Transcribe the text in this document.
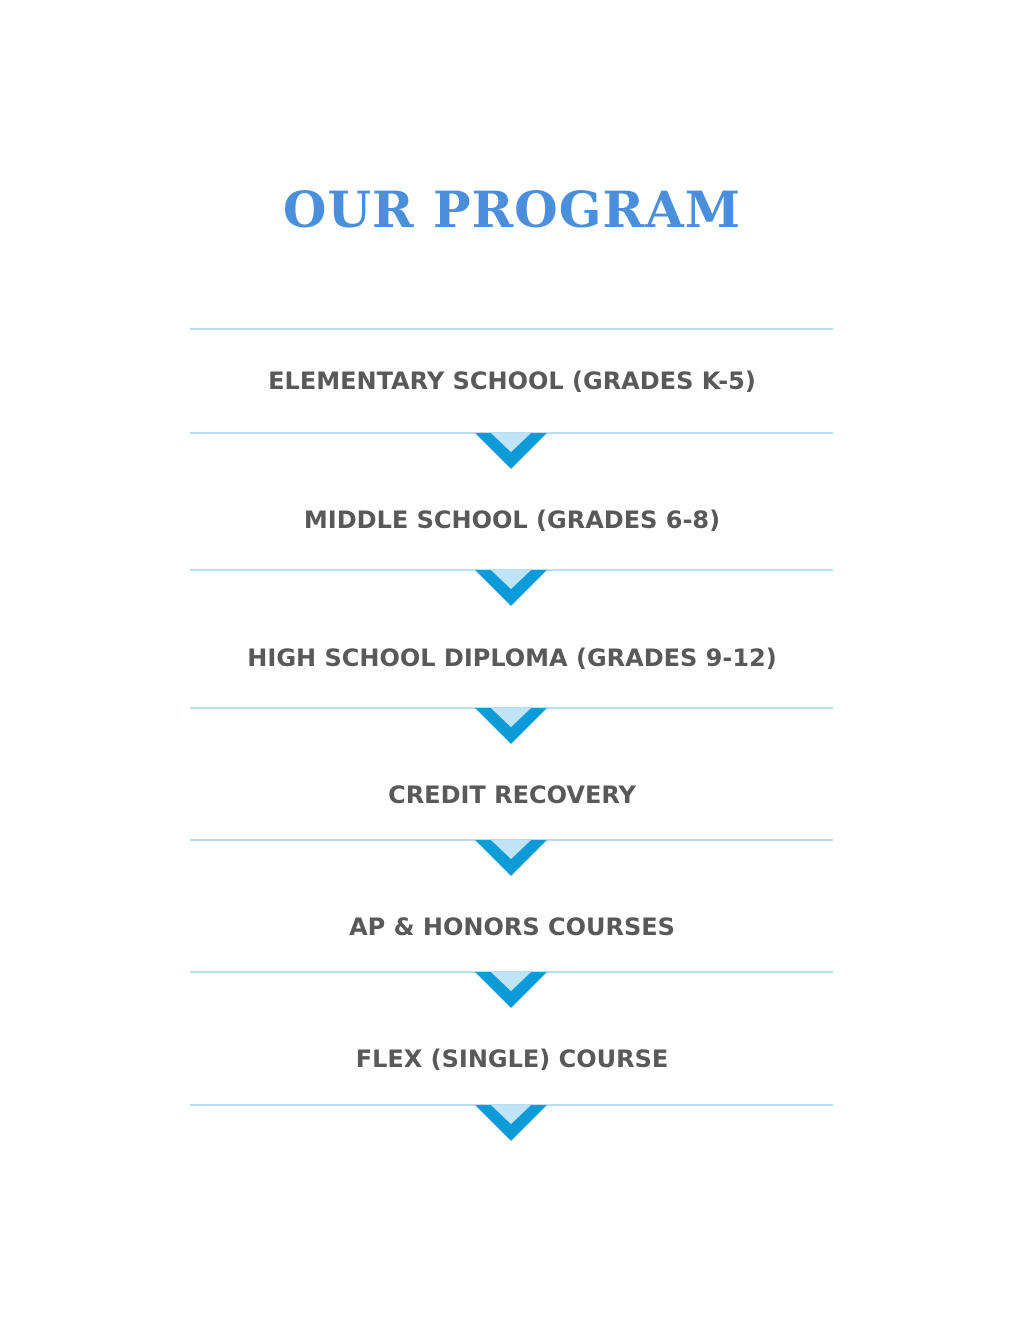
OUR PROGRAM
ELEMENTARY SCHOOL (GRADES K-5)
MIDDLE SCHOOL (GRADES 6-8)
HIGH SCHOOL DIPLOMA (GRADES 9-12)
CREDIT RECOVERY
AP & HONORS COURSES
FLEX (SINGLE) COURSE
